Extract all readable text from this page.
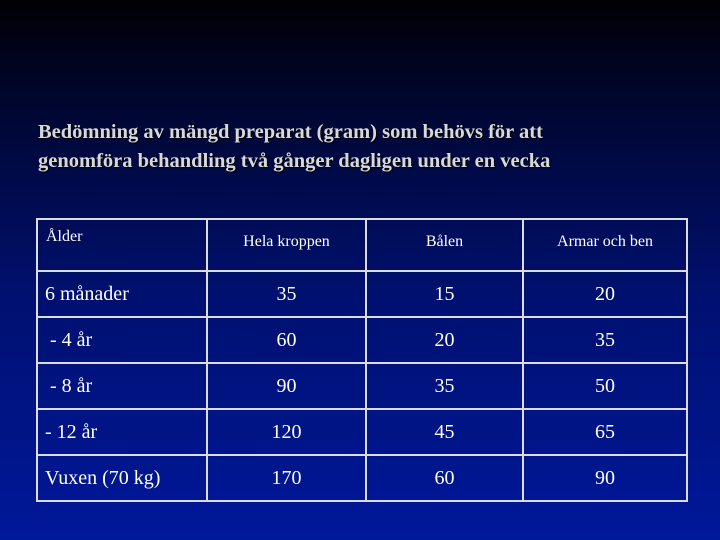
Bedömning av mängd preparat (gram) som behövs för att
genomföra behandling två gånger dagligen under en vecka
Ålder	Hela kroppen	Bålen	Armar och ben
6 månader	35	15	20
- 4 år	60	20	35
- 8 år	90	35	50
- 12 år	120	45	65
Vuxen (70 kg)	170	60	90
